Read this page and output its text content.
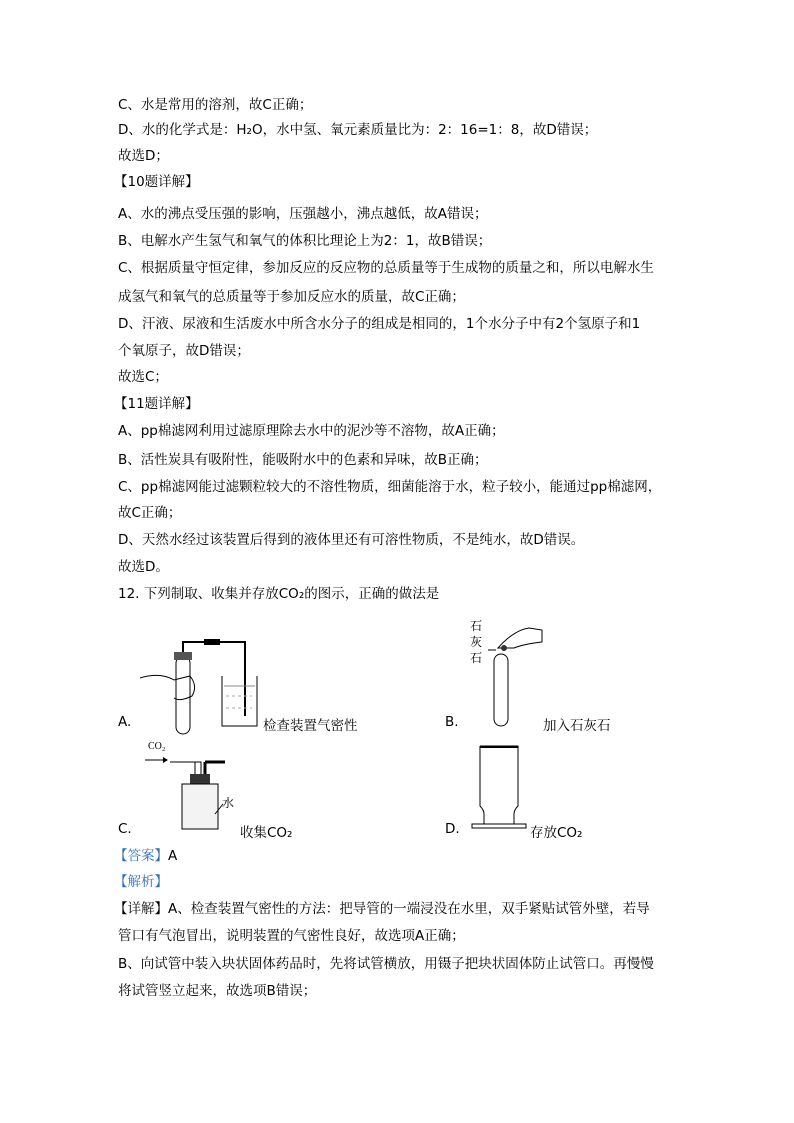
C、水是常用的溶剂，故C正确；
D、水的化学式是：H₂O，水中氢、氧元素质量比为：2：16=1：8，故D错误；
故选D；
【10题详解】
A、水的沸点受压强的影响，压强越小，沸点越低，故A错误；
B、电解水产生氢气和氧气的体积比理论上为2：1，故B错误；
C、根据质量守恒定律，参加反应的反应物的总质量等于生成物的质量之和，所以电解水生
成氢气和氧气的总质量等于参加反应水的质量，故C正确；
D、汗液、尿液和生活废水中所含水分子的组成是相同的，1个水分子中有2个氢原子和1
个氧原子，故D错误；
故选C；
【11题详解】
A、pp棉滤网利用过滤原理除去水中的泥沙等不溶物，故A正确；
B、活性炭具有吸附性，能吸附水中的色素和异味，故B正确；
C、pp棉滤网能过滤颗粒较大的不溶性物质，细菌能溶于水，粒子较小，能通过pp棉滤网，
故C正确；
D、天然水经过该装置后得到的液体里还有可溶性物质，不是纯水，故D错误。
故选D。
12. 下列制取、收集并存放CO₂的图示，正确的做法是
A.	检查装置气密性	B.
石灰石
加入石灰石
C.
CO₂
水
收集CO₂	D.	存放CO₂
【答案】A
【解析】
【详解】A、检查装置气密性的方法：把导管的一端浸没在水里，双手紧贴试管外壁，若导
管口有气泡冒出，说明装置的气密性良好，故选项A正确；
B、向试管中装入块状固体药品时，先将试管横放，用镊子把块状固体防止试管口。再慢慢
将试管竖立起来，故选项B错误；
